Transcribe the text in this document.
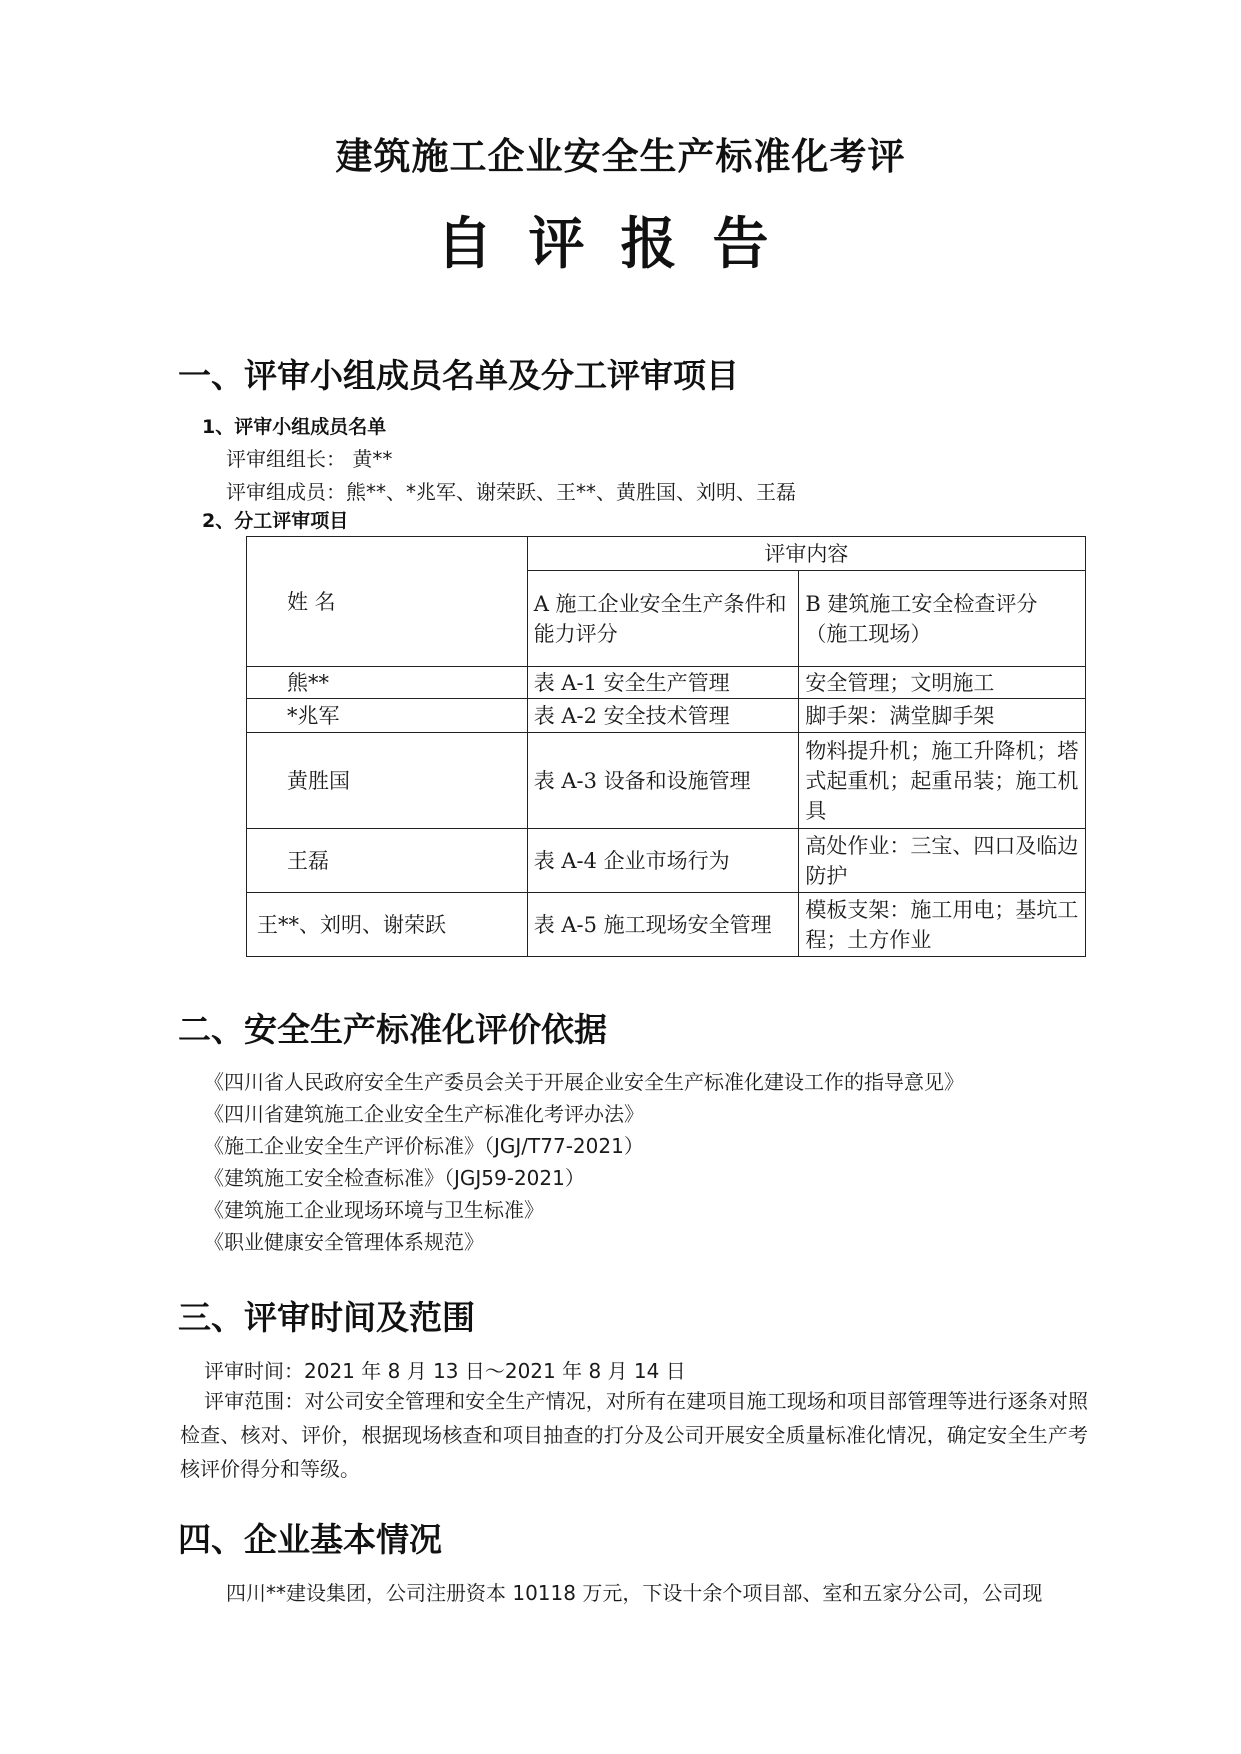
建筑施工企业安全生产标准化考评
自评报告
一、评审小组成员名单及分工评审项目
1、评审小组成员名单
评审组组长： 黄**
评审组成员：熊**、*兆军、谢荣跃、王**、黄胜国、刘明、王磊
2、分工评审项目
姓 名	评审内容	
	A 施工企业安全生产条件和能力评分	B 建筑施工安全检查评分（施工现场）
熊**	表 A-1 安全生产管理	安全管理；文明施工
*兆军	表 A-2 安全技术管理	脚手架：满堂脚手架
黄胜国	表 A-3 设备和设施管理	物料提升机；施工升降机；塔式起重机；起重吊装；施工机具
王磊	表 A-4 企业市场行为	高处作业：三宝、四口及临边防护
王**、刘明、谢荣跃	表 A-5 施工现场安全管理	模板支架：施工用电；基坑工程；土方作业
二、安全生产标准化评价依据
《四川省人民政府安全生产委员会关于开展企业安全生产标准化建设工作的指导意见》
《四川省建筑施工企业安全生产标准化考评办法》
《施工企业安全生产评价标准》（JGJ/T77-2021）
《建筑施工安全检查标准》（JGJ59-2021）
《建筑施工企业现场环境与卫生标准》
《职业健康安全管理体系规范》
三、评审时间及范围
评审时间：2021 年 8 月 13 日～2021 年 8 月 14 日
评审范围：对公司安全管理和安全生产情况，对所有在建项目施工现场和项目部管理等进行逐条对照检查、核对、评价，根据现场核查和项目抽查的打分及公司开展安全质量标准化情况，确定安全生产考核评价得分和等级。
四、企业基本情况
四川**建设集团，公司注册资本 10118 万元，下设十余个项目部、室和五家分公司，公司现
